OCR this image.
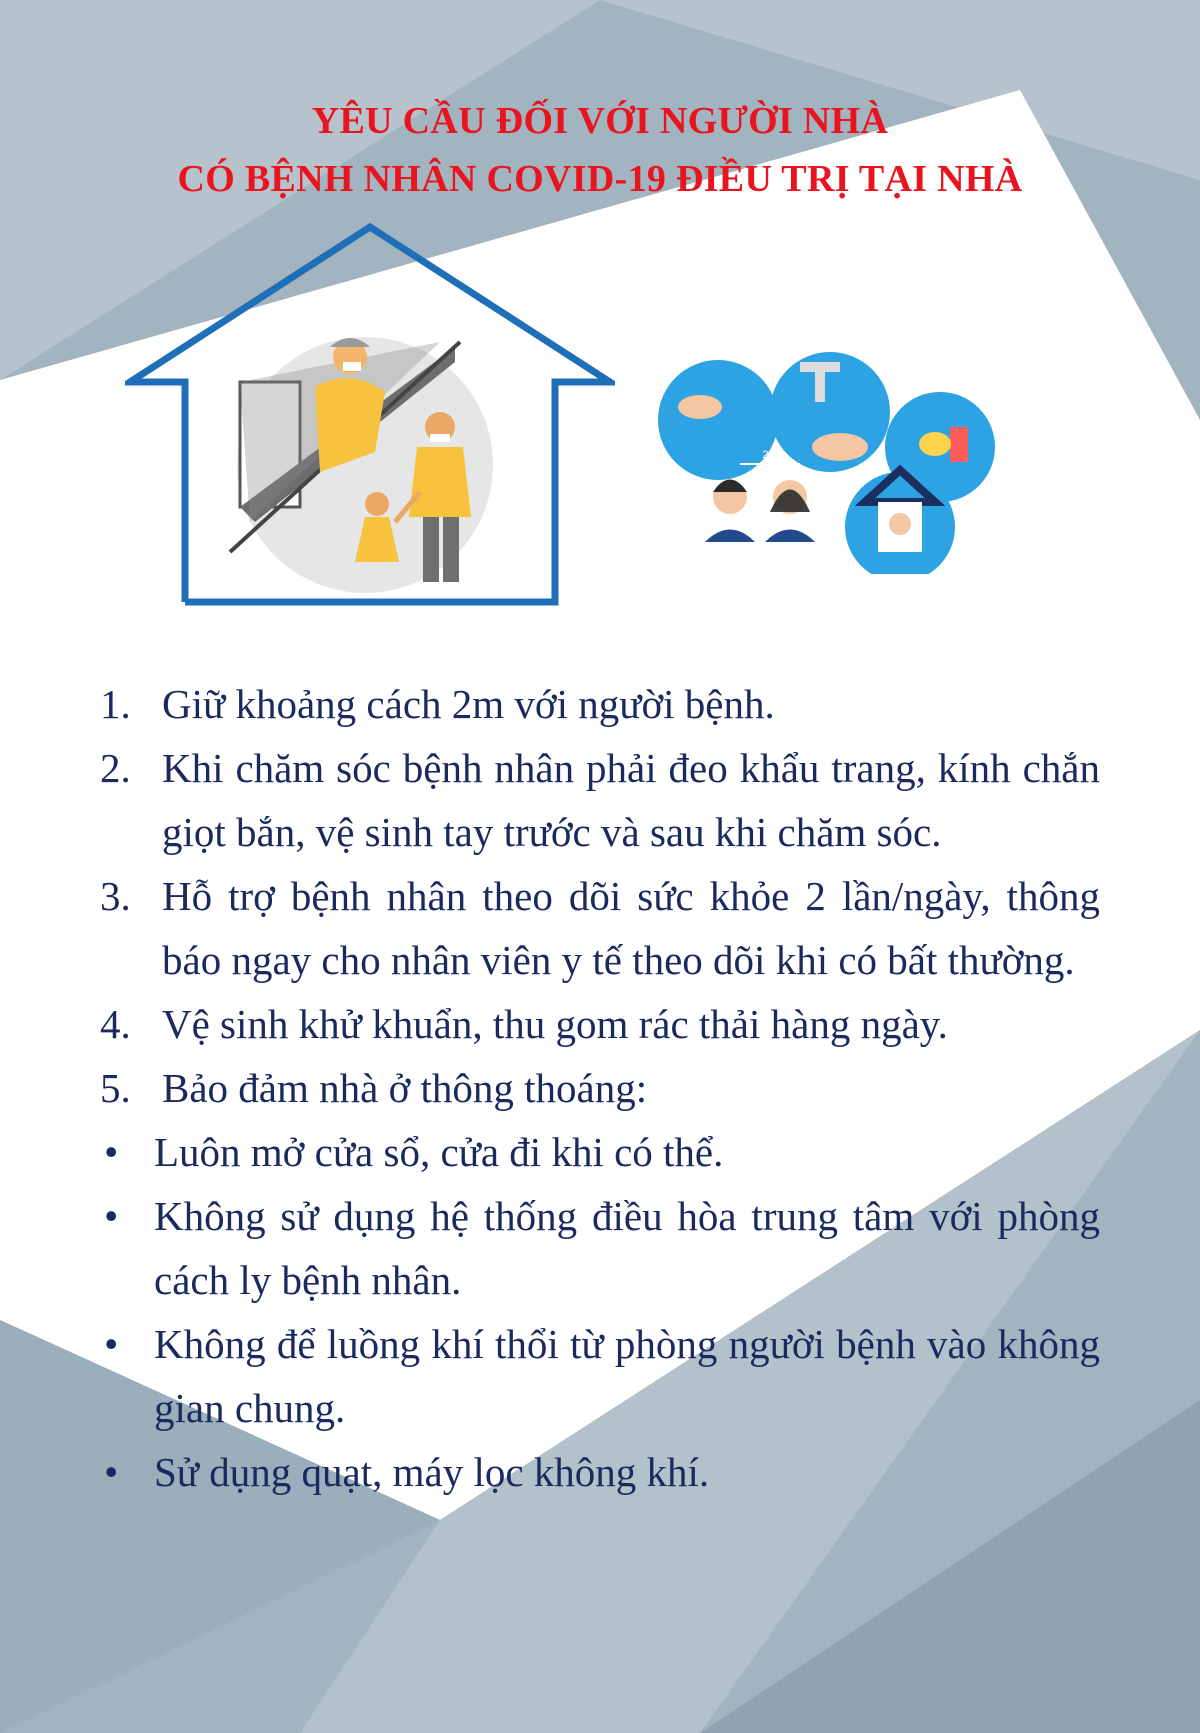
YÊU CẦU ĐỐI VỚI NGƯỜI NHÀ
CÓ BỆNH NHÂN COVID-19 ĐIỀU TRỊ TẠI NHÀ
2m
1. Giữ khoảng cách 2m với người bệnh.
2. Khi chăm sóc bệnh nhân phải đeo khẩu trang, kính chắn giọt bắn, vệ sinh tay trước và sau khi chăm sóc.
3. Hỗ trợ bệnh nhân theo dõi sức khỏe 2 lần/ngày, thông báo ngay cho nhân viên y tế theo dõi khi có bất thường.
4. Vệ sinh khử khuẩn, thu gom rác thải hàng ngày.
5. Bảo đảm nhà ở thông thoáng:
• Luôn mở cửa sổ, cửa đi khi có thể.
• Không sử dụng hệ thống điều hòa trung tâm với phòng cách ly bệnh nhân.
• Không để luồng khí thổi từ phòng người bệnh vào không gian chung.
• Sử dụng quạt, máy lọc không khí.
